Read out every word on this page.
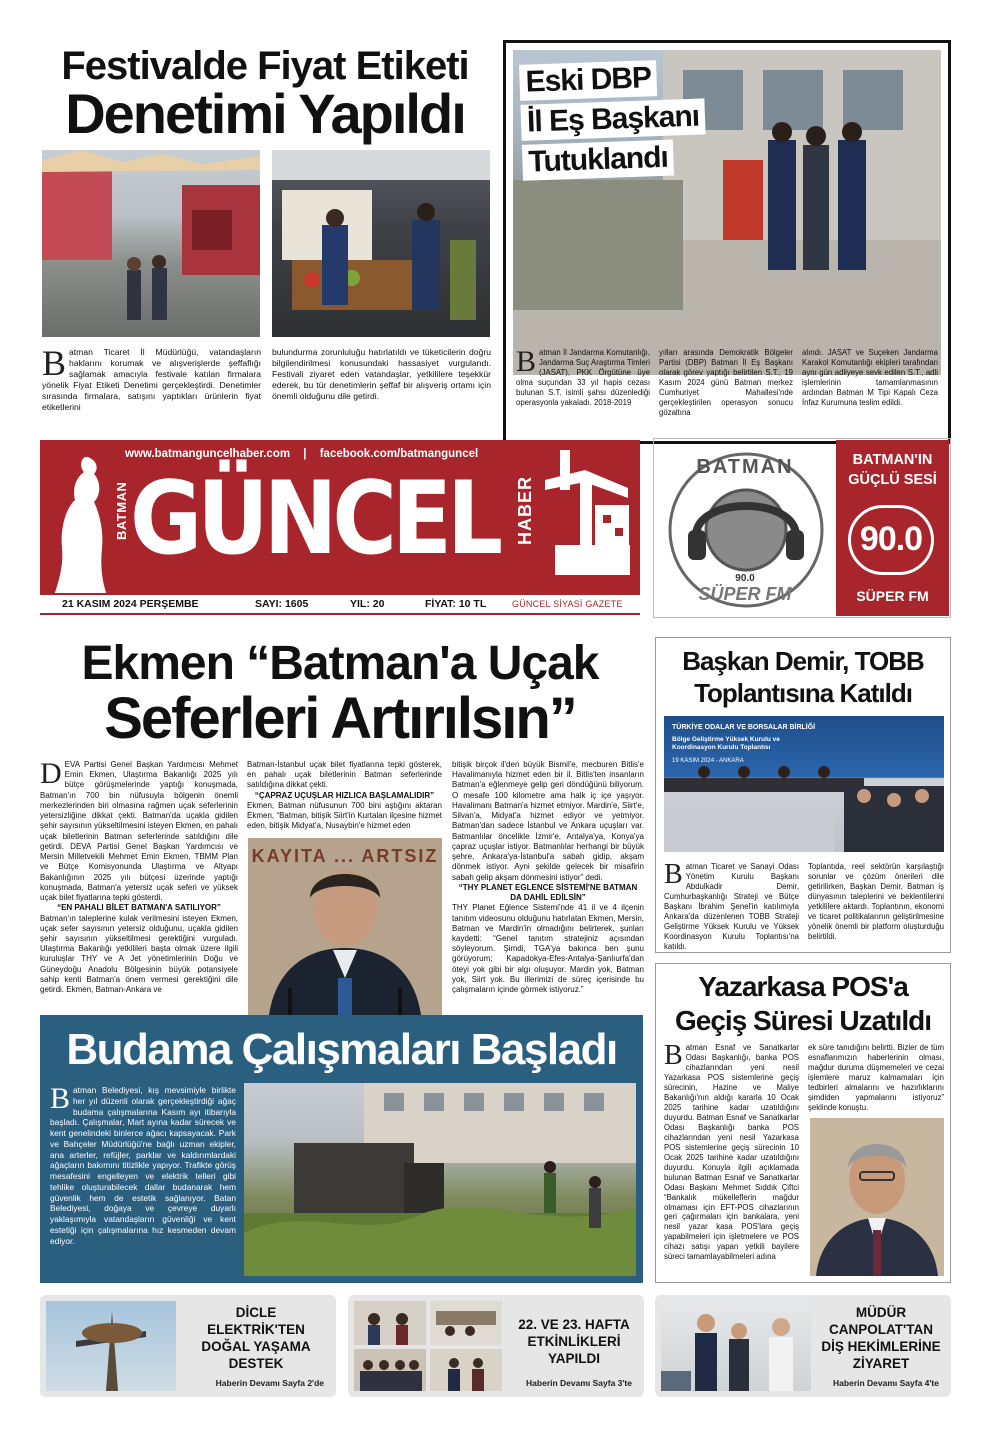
Festivalde Fiyat Etiketi
Denetimi Yapıldı
Batman Ticaret İl Müdürlüğü, vatandaşların haklarını korumak ve alışverişlerde şeffaflığı sağlamak amacıyla festivale katılan firmalara yönelik Fiyat Etiketi Denetimi gerçekleştirdi. Denetimler sırasında firmalara, satışını yaptıkları ürünlerin fiyat etiketlerini
bulundurma zorunluluğu hatırlatıldı ve tüketicilerin doğru bilgilendirilmesi konusundaki hassasiyet vurgulandı. Festivali ziyaret eden vatandaşlar, yetkililere teşekkür ederek, bu tür denetimlerin şeffaf bir alışveriş ortamı için önemli olduğunu dile getirdi.
Eski DBP
İl Eş Başkanı
Tutuklandı
Batman İl Jandarma Komutanlığı, Jandarma Suç Araştırma Timleri (JASAT), PKK Örgütüne üye olma suçundan 33 yıl hapis cezası bulunan S.T. isimli şahsı düzenlediği operasyonla yakaladı. 2018-2019
yılları arasında Demokratik Bölgeler Partisi (DBP) Batman İl Eş Başkanı olarak görev yaptığı belirtilen S.T., 19 Kasım 2024 günü Batman merkez Cumhuriyet Mahallesi'nde gerçekleştirilen operasyon sonucu gözaltına
alındı. JASAT ve Suçeken Jandarma Karakol Komutanlığı ekipleri tarafından aynı gün adliyeye sevk edilen S.T., adli işlemlerinin tamamlanmasının ardından Batman M Tipi Kapalı Ceza İnfaz Kurumuna teslim edildi.
www.batmanguncelhaber.com | facebook.com/batmanguncel
BATMAN GÜNCEL HABER
21 KASIM 2024 PERŞEMBE	SAYI: 1605	YIL: 20	FİYAT: 10 TL	GÜNCEL SİYASİ GAZETE
BATMAN
90.0
SÜPER FM
BATMAN'IN
GÜÇLÜ SESİ
90.0
SÜPER FM
Ekmen “Batman'a Uçak
Seferleri Artırılsın”
DEVA Partisi Genel Başkan Yardımcısı Mehmet Emin Ekmen, Ulaştırma Bakanlığı 2025 yılı bütçe görüşmelerinde yaptığı konuşmada, Batman'ın 700 bin nüfusuyla bölgenin önemli merkezlerinden biri olmasına rağmen uçak seferlerinin yetersizliğine dikkat çekti. Batman'da uçakla gidilen şehir sayısının yükseltilmesini isteyen Ekmen, en pahalı uçak biletlerinin Batman seferlerinde satıldığını dile getirdi. DEVA Partisi Genel Başkan Yardımcısı ve Mersin Milletvekili Mehmet Emin Ekmen, TBMM Plan ve Bütçe Komisyonunda Ulaştırma ve Altyapı Bakanlığının 2025 yılı bütçesi üzerinde yaptığı konuşmada, Batman'a yetersiz uçak seferi ve yüksek uçak bilet fiyatlarına tepki gösterdi.
“EN PAHALI BİLET BATMAN'A SATILIYOR”
Batman'ın taleplerine kulak verilmesini isteyen Ekmen, uçak sefer sayısının yetersiz olduğunu, uçakla gidilen şehir sayısının yükseltilmesi gerektiğini vurguladı. Ulaştırma Bakanlığı yetkilileri başta olmak üzere ilgili kuruluşlar THY ve A Jet yönetimlerinin Doğu ve Güneydoğu Anadolu Bölgesinin büyük potansiyele sahip kenti Batman'a önem vermesi gerektiğini dile getirdi. Ekmen, Batman-Ankara ve
Batman-İstanbul uçak bilet fiyatlarına tepki gösterek, en pahalı uçak biletlerinin Batman seferlerinde satıldığına dikkat çekti.
“ÇAPRAZ UÇUŞLAR HIZLICA BAŞLAMALIDIR”
Ekmen, Batman nüfusunun 700 bini aştığını aktaran Ekmen, “Batman, bitişik Siirt'in Kurtalan ilçesine hizmet eden, bitişik Midyat'a, Nusaybin'e hizmet eden
KAYITA ... ARTSIZ
bitişik birçok il'den büyük Bismil'e, mecburen Bitlis'e Havalimanıyla hizmet eden bir il. Bitlis'ten insanların Batman'a eğlenmeye gelip geri döndüğünü biliyorum. O mesafe 100 kilometre ama halk iç içe yaşıyor. Havalimanı Batman'a hizmet etmiyor. Mardin'e, Siirt'e, Silvan'a, Midyat'a hizmet ediyor ve yetmiyor. Batman'dan sadece İstanbul ve Ankara uçuşları var. Batmanlılar öncelikle İzmir'e, Antalya'ya, Konya'ya çapraz uçuşlar istiyor. Batmanlılar herhangi bir büyük şehre, Ankara'ya-İstanbul'a sabah gidip, akşam dönmek istiyor. Ayni şekilde gelecek bir misafirin sabah gelip akşam dönmesini istiyor” dedi.
“THY PLANET EGLENCE SİSTEMİ'NE BATMAN DA DAHİL EDİLSİN”
THY Planet Eğlence Sistemi'nde 41 il ve 4 ilçenin tanıtım videosunu olduğunu hatırlatan Ekmen, Mersin, Batman ve Mardin'in olmadığını belirterek, şunları kaydetti: “Genel tanıtım stratejiniz açısından söyleyorum. Şimdi, TGA'ya bakınca ben şunu görüyorum; Kapadokya-Efes-Antalya-Şanlıurfa'dan öteyi yok gibi bir algı oluşuyor. Mardin yok, Batman yok, Siirt yok. Bu illerimizi de süreç içerisinde bu çalışmaların içinde görmek istiyoruz.”
Başkan Demir, TOBB
Toplantısına Katıldı
TÜRKİYE ODALAR VE BORSALAR BİRLİĞİ
Bölge Geliştirme Yüksek Kurulu ve Koordinasyon Kurulu Toplantısı
19 KASIM 2024 - ANKARA
Batman Ticaret ve Sanayi Odası Yönetim Kurulu Başkanı Abdulkadir Demir, Cumhurbaşkanlığı Strateji ve Bütçe Başkanı İbrahim Şenel'in katılımıyla Ankara'da düzenlenen TOBB Strateji Geliştirme Yüksek Kurulu ve Yüksek Koordinasyon Kurulu Toplantısı'na katıldı.
Toplantıda, reel sektörün karşılaştığı sorunlar ve çözüm önerileri dile getirilirken, Başkan Demir, Batman iş dünyasının taleplerini ve beklentilerini yetkililere aktardı. Toplantının, ekonomi ve ticaret politikalarının geliştirilmesine yönelik önemli bir platform oluşturduğu belirtildi.
Budama Çalışmaları Başladı
Batman Belediyesi, kış mevsimiyle birlikte her yıl düzenli olarak gerçekleştirdiği ağaç budama çalışmalarına Kasım ayı itibarıyla başladı. Çalışmalar, Mart ayına kadar sürecek ve kent genelindeki binlerce ağacı kapsayacak. Park ve Bahçeler Müdürlüğü'ne bağlı uzman ekipler, ana arterler, refüjler, parklar ve kaldırımlardaki ağaçların bakımını titizlikle yapıyor. Trafikte görüş mesafesini engelleyen ve elektrik telleri gibi tehlike oluşturabilecek dallar budanarak hem güvenlik hem de estetik sağlanıyor. Batan Belediyesi, doğaya ve çevreye duyarlı yaklaşımıyla vatandaşların güvenliği ve kent estetiği için çalışmalarına hız kesmeden devam ediyor.
Yazarkasa POS'a
Geçiş Süresi Uzatıldı
Batman Esnaf ve Sanatkarlar Odası Başkanlığı, banka POS cihazlarından yeni nesil Yazarkasa POS sistemlerine geçiş sürecinin, Hazine ve Maliye Bakanlığı'nın aldığı kararla 10 Ocak 2025 tarihine kadar uzatıldığını duyurdu. Batman Esnaf ve Sanatkarlar Odası Başkanlığı banka POS cihazlarından yeni nesil Yazarkasa POS sistemlerine geçiş sürecinin 10 Ocak 2025 tarihine kadar uzatıldığını duyurdu. Konuyla ilgili açıklamada bulunan Batman Esnaf ve Sanatkarlar Odası Başkanı Mehmet Sıddık Çiftci “Bankalık mükelleflerin mağdur olmaması için EFT-POS cihazlarının geri çağırmaları için bankalara, yeni nesil yazar kasa POS'lara geçiş yapabilmeleri için işletmelere ve POS cihazı satışı yapan yetkili bayilere süreci tamamlayabilmeleri adına
ek süre tanıdığını belirtti. Bizler de tüm esnaflarımızın haberlerinin olması, mağdur duruma düşmemeleri ve cezai işlemlere maruz kalmamaları için tedbirleri almalarını ve hazırlıklarını şimdiden yapmalarını istiyoruz” şeklinde konuştu.
DİCLE ELEKTRİK'TEN DOĞAL YAŞAMA DESTEK
Haberin Devamı Sayfa 2'de
22. VE 23. HAFTA ETKİNLİKLERİ YAPILDI
Haberin Devamı Sayfa 3'te
MÜDÜR CANPOLAT'TAN DİŞ HEKİMLERİNE ZİYARET
Haberin Devamı Sayfa 4'te
